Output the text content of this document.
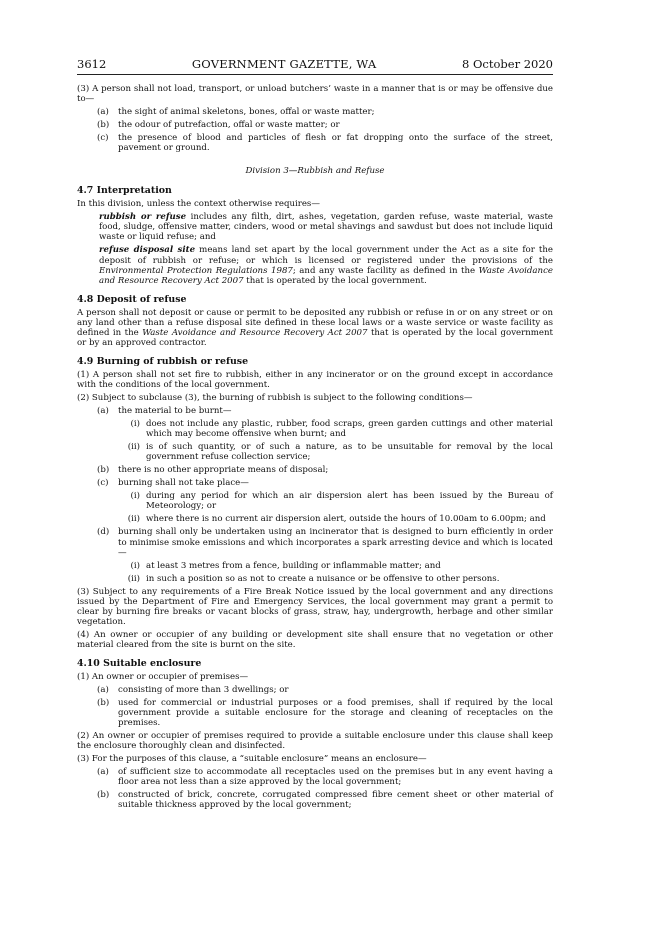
3612	GOVERNMENT GAZETTE, WA	8 October 2020

(3) A person shall not load, transport, or unload butchers’ waste in a manner that is or may be offensive due to—

(a)	the sight of animal skeletons, bones, offal or waste matter;
(b)	the odour of putrefaction, offal or waste matter; or
(c)	the presence of blood and particles of flesh or fat dropping onto the surface of the street, pavement or ground.
Division 3—Rubbish and Refuse
4.7 Interpretation

In this division, unless the context otherwise requires—

rubbish or refuse includes any filth, dirt, ashes, vegetation, garden refuse, waste material, waste food, sludge, offensive matter, cinders, wood or metal shavings and sawdust but does not include liquid waste or liquid refuse; and

refuse disposal site means land set apart by the local government under the Act as a site for the deposit of rubbish or refuse; or which is licensed or registered under the provisions of the Environmental Protection Regulations 1987; and any waste facility as defined in the Waste Avoidance and Resource Recovery Act 2007 that is operated by the local government.

4.8 Deposit of refuse

A person shall not deposit or cause or permit to be deposited any rubbish or refuse in or on any street or on any land other than a refuse disposal site defined in these local laws or a waste service or waste facility as defined in the Waste Avoidance and Resource Recovery Act 2007 that is operated by the local government or by an approved contractor.

4.9 Burning of rubbish or refuse

(1) A person shall not set fire to rubbish, either in any incinerator or on the ground except in accordance with the conditions of the local government.

(2) Subject to subclause (3), the burning of rubbish is subject to the following conditions—

(a)	the material to be burnt—
(i) does not include any plastic, rubber, food scraps, green garden cuttings and other material which may become offensive when burnt; and
(ii) is of such quantity, or of such a nature, as to be unsuitable for removal by the local government refuse collection service;
(b)	there is no other appropriate means of disposal;
(c)	burning shall not take place—
(i) during any period for which an air dispersion alert has been issued by the Bureau of Meteorology; or
(ii) where there is no current air dispersion alert, outside the hours of 10.00am to 6.00pm; and
(d)	burning shall only be undertaken using an incinerator that is designed to burn efficiently in order to minimise smoke emissions and which incorporates a spark arresting device and which is located—
(i) at least 3 metres from a fence, building or inflammable matter; and
(ii) in such a position so as not to create a nuisance or be offensive to other persons.

(3) Subject to any requirements of a Fire Break Notice issued by the local government and any directions issued by the Department of Fire and Emergency Services, the local government may grant a permit to clear by burning fire breaks or vacant blocks of grass, straw, hay, undergrowth, herbage and other similar vegetation.

(4) An owner or occupier of any building or development site shall ensure that no vegetation or other material cleared from the site is burnt on the site.

4.10 Suitable enclosure

(1) An owner or occupier of premises—

(a)	consisting of more than 3 dwellings; or
(b)	used for commercial or industrial purposes or a food premises, shall if required by the local government provide a suitable enclosure for the storage and cleaning of receptacles on the premises.

(2) An owner or occupier of premises required to provide a suitable enclosure under this clause shall keep the enclosure thoroughly clean and disinfected.

(3) For the purposes of this clause, a “suitable enclosure” means an enclosure—

(a)	of sufficient size to accommodate all receptacles used on the premises but in any event having a floor area not less than a size approved by the local government;
(b)	constructed of brick, concrete, corrugated compressed fibre cement sheet or other material of suitable thickness approved by the local government;
